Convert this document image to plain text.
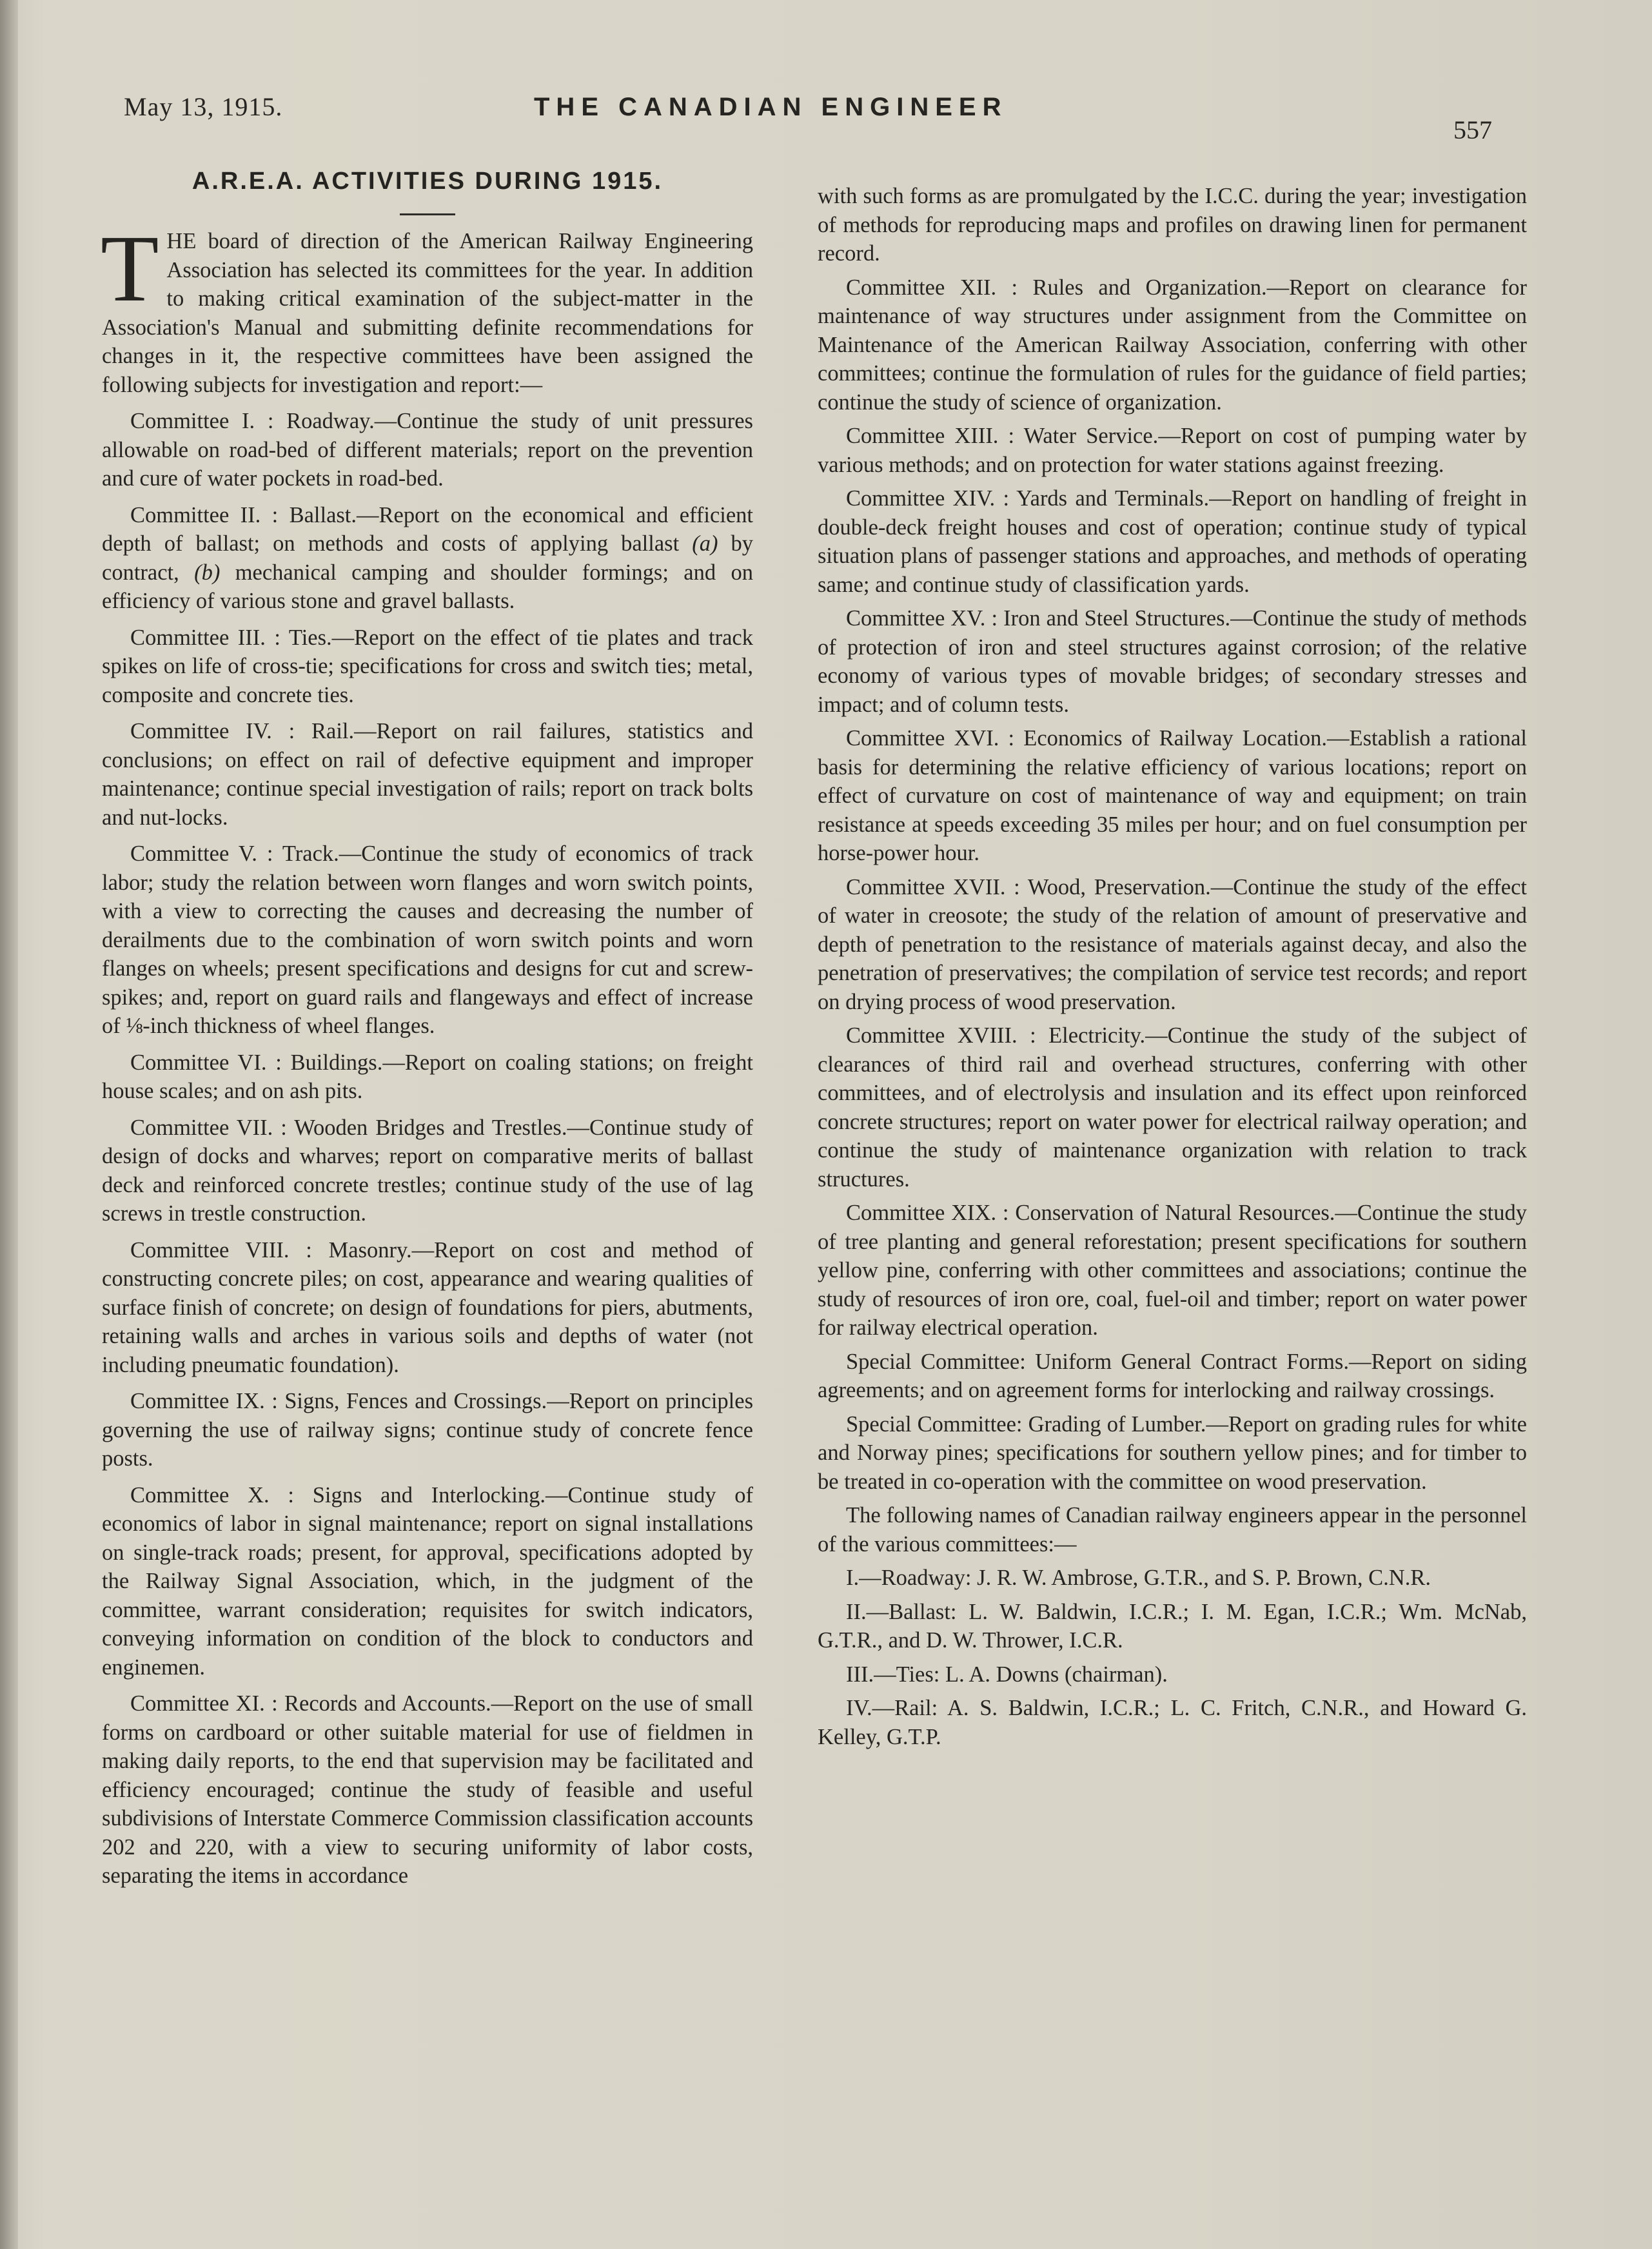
May 13, 1915.	THE CANADIAN ENGINEER
557
A.R.E.A. ACTIVITIES DURING 1915.

THE board of direction of the American Railway Engineering Association has selected its committees for the year. In addition to making critical examination of the subject-matter in the Association's Manual and submitting definite recommendations for changes in it, the respective committees have been assigned the following subjects for investigation and report:—

Committee I. : Roadway.—Continue the study of unit pressures allowable on road-bed of different materials; report on the prevention and cure of water pockets in road-bed.

Committee II. : Ballast.—Report on the economical and efficient depth of ballast; on methods and costs of applying ballast (a) by contract, (b) mechanical camping and shoulder formings; and on efficiency of various stone and gravel ballasts.

Committee III. : Ties.—Report on the effect of tie plates and track spikes on life of cross-tie; specifications for cross and switch ties; metal, composite and concrete ties.

Committee IV. : Rail.—Report on rail failures, statistics and conclusions; on effect on rail of defective equipment and improper maintenance; continue special investigation of rails; report on track bolts and nut-locks.

Committee V. : Track.—Continue the study of economics of track labor; study the relation between worn flanges and worn switch points, with a view to correcting the causes and decreasing the number of derailments due to the combination of worn switch points and worn flanges on wheels; present specifications and designs for cut and screw-spikes; and, report on guard rails and flangeways and effect of increase of ⅛-inch thickness of wheel flanges.

Committee VI. : Buildings.—Report on coaling stations; on freight house scales; and on ash pits.

Committee VII. : Wooden Bridges and Trestles.—Continue study of design of docks and wharves; report on comparative merits of ballast deck and reinforced concrete trestles; continue study of the use of lag screws in trestle construction.

Committee VIII. : Masonry.—Report on cost and method of constructing concrete piles; on cost, appearance and wearing qualities of surface finish of concrete; on design of foundations for piers, abutments, retaining walls and arches in various soils and depths of water (not including pneumatic foundation).

Committee IX. : Signs, Fences and Crossings.—Report on principles governing the use of railway signs; continue study of concrete fence posts.

Committee X. : Signs and Interlocking.—Continue study of economics of labor in signal maintenance; report on signal installations on single-track roads; present, for approval, specifications adopted by the Railway Signal Association, which, in the judgment of the committee, warrant consideration; requisites for switch indicators, conveying information on condition of the block to conductors and enginemen.

Committee XI. : Records and Accounts.—Report on the use of small forms on cardboard or other suitable material for use of fieldmen in making daily reports, to the end that supervision may be facilitated and efficiency encouraged; continue the study of feasible and useful subdivisions of Interstate Commerce Commission classification accounts 202 and 220, with a view to securing uniformity of labor costs, separating the items in accordance

with such forms as are promulgated by the I.C.C. during the year; investigation of methods for reproducing maps and profiles on drawing linen for permanent record.

Committee XII. : Rules and Organization.—Report on clearance for maintenance of way structures under assignment from the Committee on Maintenance of the American Railway Association, conferring with other committees; continue the formulation of rules for the guidance of field parties; continue the study of science of organization.

Committee XIII. : Water Service.—Report on cost of pumping water by various methods; and on protection for water stations against freezing.

Committee XIV. : Yards and Terminals.—Report on handling of freight in double-deck freight houses and cost of operation; continue study of typical situation plans of passenger stations and approaches, and methods of operating same; and continue study of classification yards.

Committee XV. : Iron and Steel Structures.—Continue the study of methods of protection of iron and steel structures against corrosion; of the relative economy of various types of movable bridges; of secondary stresses and impact; and of column tests.

Committee XVI. : Economics of Railway Location.—Establish a rational basis for determining the relative efficiency of various locations; report on effect of curvature on cost of maintenance of way and equipment; on train resistance at speeds exceeding 35 miles per hour; and on fuel consumption per horse-power hour.

Committee XVII. : Wood, Preservation.—Continue the study of the effect of water in creosote; the study of the relation of amount of preservative and depth of penetration to the resistance of materials against decay, and also the penetration of preservatives; the compilation of service test records; and report on drying process of wood preservation.

Committee XVIII. : Electricity.—Continue the study of the subject of clearances of third rail and overhead structures, conferring with other committees, and of electrolysis and insulation and its effect upon reinforced concrete structures; report on water power for electrical railway operation; and continue the study of maintenance organization with relation to track structures.

Committee XIX. : Conservation of Natural Resources.—Continue the study of tree planting and general reforestation; present specifications for southern yellow pine, conferring with other committees and associations; continue the study of resources of iron ore, coal, fuel-oil and timber; report on water power for railway electrical operation.

Special Committee: Uniform General Contract Forms.—Report on siding agreements; and on agreement forms for interlocking and railway crossings.

Special Committee: Grading of Lumber.—Report on grading rules for white and Norway pines; specifications for southern yellow pines; and for timber to be treated in co-operation with the committee on wood preservation.

The following names of Canadian railway engineers appear in the personnel of the various committees:—

I.—Roadway: J. R. W. Ambrose, G.T.R., and S. P. Brown, C.N.R.

II.—Ballast: L. W. Baldwin, I.C.R.; I. M. Egan, I.C.R.; Wm. McNab, G.T.R., and D. W. Thrower, I.C.R.

III.—Ties: L. A. Downs (chairman).

IV.—Rail: A. S. Baldwin, I.C.R.; L. C. Fritch, C.N.R., and Howard G. Kelley, G.T.P.
